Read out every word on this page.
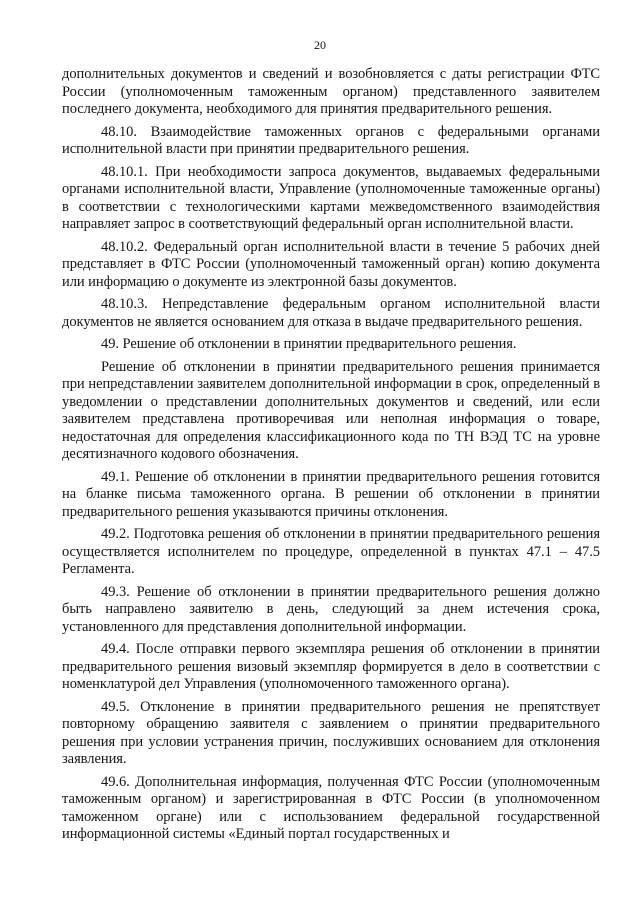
20

дополнительных документов и сведений и возобновляется с даты регистрации ФТС России (уполномоченным таможенным органом) представленного заявителем последнего документа, необходимого для принятия предварительного решения.

48.10. Взаимодействие таможенных органов с федеральными органами исполнительной власти при принятии предварительного решения.

48.10.1. При необходимости запроса документов, выдаваемых федеральными органами исполнительной власти, Управление (уполномоченные таможенные органы) в соответствии с технологическими картами межведомственного взаимодействия направляет запрос в соответствующий федеральный орган исполнительной власти.

48.10.2. Федеральный орган исполнительной власти в течение 5 рабочих дней представляет в ФТС России (уполномоченный таможенный орган) копию документа или информацию о документе из электронной базы документов.

48.10.3. Непредставление федеральным органом исполнительной власти документов не является основанием для отказа в выдаче предварительного решения.

49. Решение об отклонении в принятии предварительного решения.

Решение об отклонении в принятии предварительного решения принимается при непредставлении заявителем дополнительной информации в срок, определенный в уведомлении о представлении дополнительных документов и сведений, или если заявителем представлена противоречивая или неполная информация о товаре, недостаточная для определения классификационного кода по ТН ВЭД ТС на уровне десятизначного кодового обозначения.

49.1. Решение об отклонении в принятии предварительного решения готовится на бланке письма таможенного органа. В решении об отклонении в принятии предварительного решения указываются причины отклонения.

49.2. Подготовка решения об отклонении в принятии предварительного решения осуществляется исполнителем по процедуре, определенной в пунктах 47.1 – 47.5 Регламента.

49.3. Решение об отклонении в принятии предварительного решения должно быть направлено заявителю в день, следующий за днем истечения срока, установленного для представления дополнительной информации.

49.4. После отправки первого экземпляра решения об отклонении в принятии предварительного решения визовый экземпляр формируется в дело в соответствии с номенклатурой дел Управления (уполномоченного таможенного органа).

49.5. Отклонение в принятии предварительного решения не препятствует повторному обращению заявителя с заявлением о принятии предварительного решения при условии устранения причин, послуживших основанием для отклонения заявления.

49.6. Дополнительная информация, полученная ФТС России (уполномоченным таможенным органом) и зарегистрированная в ФТС России (в уполномоченном таможенном органе) или с использованием федеральной государственной информационной системы «Единый портал государственных и
